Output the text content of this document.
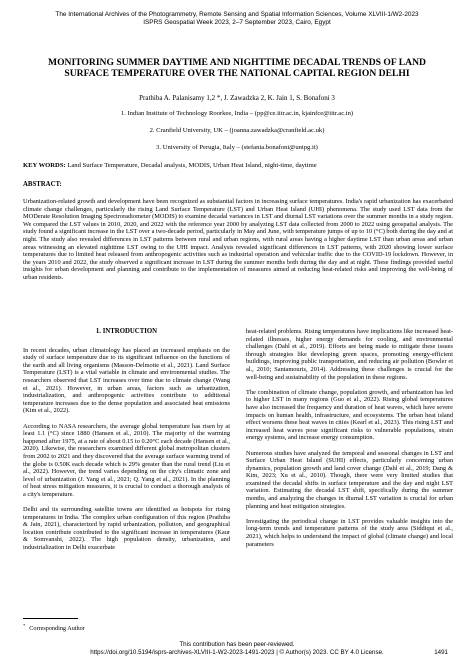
The International Archives of the Photogrammetry, Remote Sensing and Spatial Information Sciences, Volume XLVIII-1/W2-2023
ISPRS Geospatial Week 2023, 2–7 September 2023, Cairo, Egypt
MONITORING SUMMER DAYTIME AND NIGHTTIME DECADAL TRENDS OF LAND
SURFACE TEMPERATURE OVER THE NATIONAL CAPITAL REGION DELHI
Prathiba A. Palanisamy 1,2 *, J. Zawadzka 2, K. Jain 1, S. Bonafoni 3
1. Indian Institute of Technology Roorkee, India – (pp@ce.iitr.ac.in, kjainfce@iitr.ac.in)
2. Cranfield University, UK – (joanna.zawadzka@cranfield.ac.uk)
3. University of Perugia, Italy – (stefania.bonafoni@unipg.it)
KEY WORDS: Land Surface Temperature, Decadal analysis, MODIS, Urban Heat Island, night-time, daytime
ABSTRACT:
Urbanization-related growth and development have been recognized as substantial factors in increasing surface temperatures. India's rapid urbanization has exacerbated climate change challenges, particularly the rising Land Surface Temperature (LST) and Urban Heat Island (UHI) phenomena. The study used LST data from the MODerate Resolution Imaging Spectroradiometer (MODIS) to examine decadal variances in LST and diurnal LST variations over the summer months in a study region. We compared the LST values in 2010, 2020, and 2022 with the reference year 2000 by analyzing LST data collected from 2000 to 2022 using geospatial analysis. The study found a significant increase in the LST over a two-decade period, particularly in May and June, with temperature jumps of up to 10 (°C) both during the day and at night. The study also revealed differences in LST patterns between rural and urban regions, with rural areas having a higher daytime LST than urban areas and urban areas witnessing an elevated nighttime LST owing to the UHI impact. Analysis revealed significant differences in LST patterns, with 2020 showing lower surface temperatures due to limited heat released from anthropogenic activities such as industrial operation and vehicular traffic due to the COVID-19 lockdown. However, in the years 2010 and 2022, the study observed a significant increase in LST during the summer months both during the day and at night. These findings provided useful insights for urban development and planning and contribute to the implementation of measures aimed at reducing heat-related risks and improving the well-being of urban residents.
1. INTRODUCTION

In recent decades, urban climatology has placed an increased emphasis on the study of surface temperature due to its significant influence on the functions of the earth and all living organisms (Masson-Delmotte et al., 2021). Land Surface Temperature (LST) is a vital variable in climate and environmental studies. The researchers observed that LST increases over time due to climate change (Wang et al., 2021). However, in urban areas, factors such as urbanization, industrialization, and anthropogenic activities contribute to additional temperature increases due to the dense population and associated heat emissions (Kim et al., 2022).

According to NASA researchers, the average global temperature has risen by at least 1.1 (°C) since 1880 (Hansen et al., 2010). The majority of the warming happened after 1975, at a rate of about 0.15 to 0.20°C each decade (Hansen et al., 2020). Likewise, the researchers examined different global metropolitan clusters from 2002 to 2021 and they discovered that the average surface warming trend of the globe is 0.50K each decade which is 29% greater than the rural trend (Liu et al., 2022). However, the trend varies depending on the city's climatic zone and level of urbanization (J. Yang et al., 2021; Q. Yang et al., 2021). In the planning of heat stress mitigation measures, it is crucial to conduct a thorough analysis of a city's temperature.

Delhi and its surrounding satellite towns are identified as hotspots for rising temperatures in India. The complex urban configuration of this region (Prathiba & Jain, 2021), characterized by rapid urbanization, pollution, and geographical location contribute contributed to the significant increase in temperatures (Kaur & Somvanshi, 2022). The high population density, urbanization, and industrialization in Delhi exacerbate

heat-related problems. Rising temperatures have implications like increased heat-related illnesses, higher energy demands for cooling, and environmental challenges (Dahl et al., 2019). Efforts are being made to mitigate these issues through strategies like developing green spaces, promoting energy-efficient buildings, improving public transportation, and reducing air pollution (Bowler et al., 2010; Santamouris, 2014). Addressing these challenges is crucial for the well-being and sustainability of the population in these regions.

The combination of climate change, population growth, and urbanization has led to higher LST in many regions (Guo et al., 2022). Rising global temperatures have also increased the frequency and duration of heat waves, which have severe impacts on human health, infrastructure, and ecosystems. The urban heat island effect worsens these heat waves in cities (Kearl et al., 2023). This rising LST and increased heat waves pose significant risks to vulnerable populations, strain energy systems, and increase energy consumption.

Numerous studies have analyzed the temporal and seasonal changes in LST and Surface Urban Heat Island (SUHI) effects, particularly concerning urban dynamics, population growth and land cover change (Dahl et al., 2019; Dang & Kim, 2023; Xu et al., 2010). Though, there were very limited studies that examined the decadal shifts in surface temperature and the day and night LST variation. Estimating the decadal LST shift, specifically during the summer months, and analyzing the changes in diurnal LST variation is crucial for urban planning and heat mitigation strategies.

Investigating the periodical change in LST provides valuable insights into the long-term trends and temperature patterns of the study area (Siddiqui et al., 2021), which helps to understand the impact of global (climate change) and local parameters

* Corresponding Author
This contribution has been peer-reviewed.
https://doi.org/10.5194/isprs-archives-XLVIII-1-W2-2023-1491-2023 | © Author(s) 2023. CC BY 4.0 License.	1491
